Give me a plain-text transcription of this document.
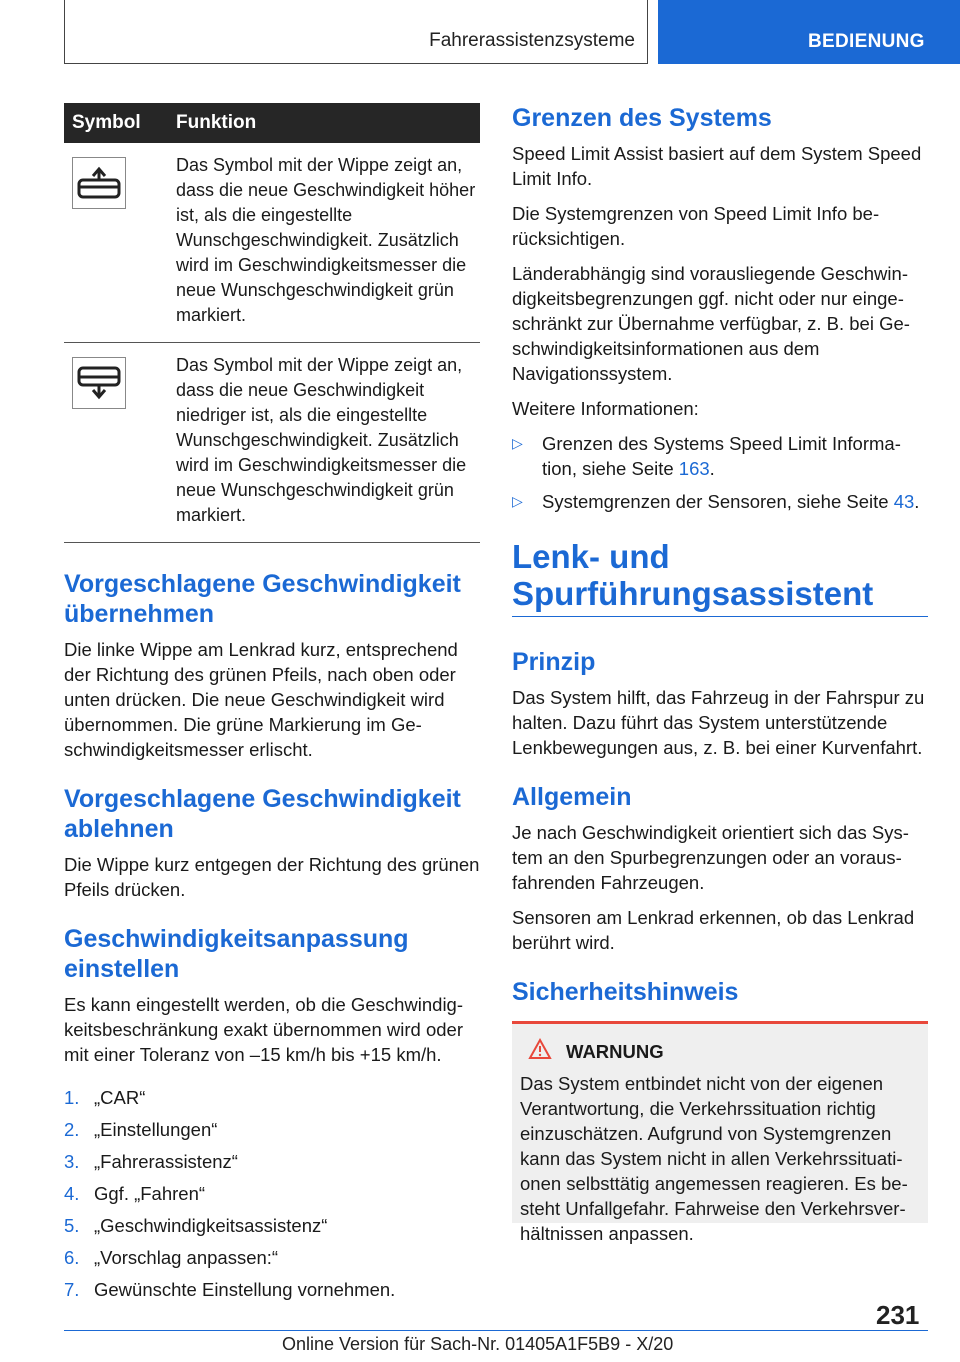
Fahrerassistenzsysteme	BEDIENUNG
Symbol	Funktion

	Das Symbol mit der Wippe zeigt an, dass die neue Geschwindigkeit höher ist, als die eingestellte Wunschgeschwindigkeit. Zusätzlich wird im Geschwindigkeitsmesser die neue Wunschgeschwindigkeit grün markiert.

	Das Symbol mit der Wippe zeigt an, dass die neue Geschwindigkeit niedriger ist, als die eingestellte Wunschgeschwindigkeit. Zusätzlich wird im Geschwindigkeitsmesser die neue Wunschgeschwindigkeit grün markiert.
Vorgeschlagene Geschwindigkeit übernehmen

Die linke Wippe am Lenkrad kurz, entsprechend der Richtung des grünen Pfeils, nach oben oder unten drücken. Die neue Geschwindigkeit wird übernommen. Die grüne Markierung im Geschwindigkeitsmesser erlischt.

Vorgeschlagene Geschwindigkeit ablehnen

Die Wippe kurz entgegen der Richtung des grünen Pfeils drücken.

Geschwindigkeitsanpassung einstellen

Es kann eingestellt werden, ob die Geschwindigkeitsbeschränkung exakt übernommen wird oder mit einer Toleranz von –15 km/h bis +15 km/h.

1. „CAR“
2. „Einstellungen“
3. „Fahrerassistenz“
4. Ggf. „Fahren“
5. „Geschwindigkeitsassistenz“
6. „Vorschlag anpassen:“
7. Gewünschte Einstellung vornehmen.
Grenzen des Systems

Speed Limit Assist basiert auf dem System Speed Limit Info.

Die Systemgrenzen von Speed Limit Info berücksichtigen.

Länderabhängig sind vorausliegende Geschwindigkeitsbegrenzungen ggf. nicht oder nur eingeschränkt zur Übernahme verfügbar, z. B. bei Geschwindigkeitsinformationen aus dem Navigationssystem.

Weitere Informationen:

▷ Grenzen des Systems Speed Limit Information, siehe Seite 163.
▷ Systemgrenzen der Sensoren, siehe Seite 43.
Lenk- und Spurführungsassistent
Prinzip

Das System hilft, das Fahrzeug in der Fahrspur zu halten. Dazu führt das System unterstützende Lenkbewegungen aus, z. B. bei einer Kurvenfahrt.

Allgemein

Je nach Geschwindigkeit orientiert sich das System an den Spurbegrenzungen oder an vorausfahrenden Fahrzeugen.

Sensoren am Lenkrad erkennen, ob das Lenkrad berührt wird.

Sicherheitshinweis
WARNUNG

Das System entbindet nicht von der eigenen Verantwortung, die Verkehrssituation richtig einzuschätzen. Aufgrund von Systemgrenzen kann das System nicht in allen Verkehrssituationen selbsttätig angemessen reagieren. Es besteht Unfallgefahr. Fahrweise den Verkehrsverhältnissen anpassen.

231
Online Version für Sach-Nr. 01405A1F5B9 - X/20
